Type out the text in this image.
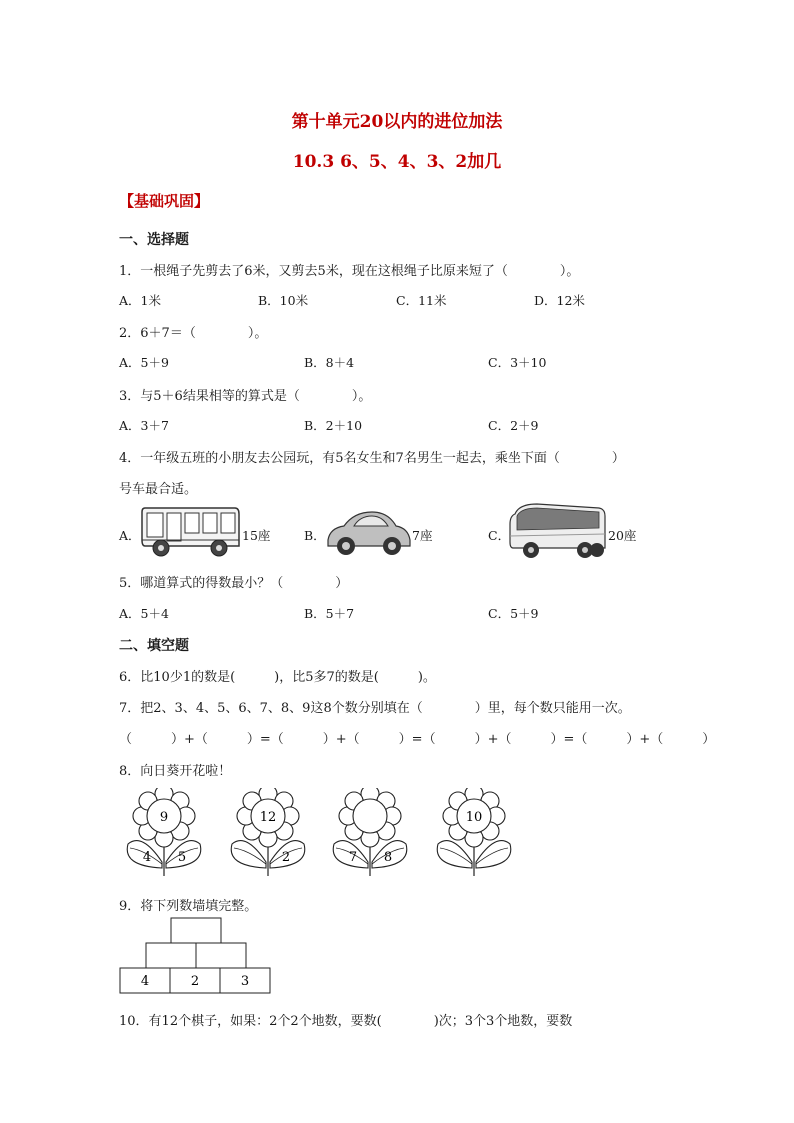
第十单元20以内的进位加法
10.3 6、5、4、3、2加几
【基础巩固】
一、选择题
1．一根绳子先剪去了6米，又剪去5米，现在这根绳子比原来短了（　　　　）。
A．1米	B．10米	C．11米	D．12米
2．6＋7＝（　　　　）。
A．5＋9	B．8＋4	C．3＋10
3．与5＋6结果相等的算式是（　　　　）。
A．3＋7	B．2＋10	C．2＋9
4．一年级五班的小朋友去公园玩，有5名女生和7名男生一起去，乘坐下面（　　　　）
号车最合适。
A．	15座	B．	7座	C．	20座
5．哪道算式的得数最小？（　　　　）
A．5＋4	B．5＋7	C．5＋9
二、填空题
6．比10少1的数是(　　　)，比5多7的数是(　　　)。
7．把2、3、4、5、6、7、8、9这8个数分别填在（　　　　）里，每个数只能用一次。
（　　　）+（　　　）=（　　　）+（　　　）=（　　　）+（　　　）=（　　　）+（　　　）
8．向日葵开花啦！
9
4 5
12
2	7 8
10
9．将下列数墙填完整。
4	2	3
10．有12个棋子，如果：2个2个地数，要数(　　　　)次；3个3个地数，要数
